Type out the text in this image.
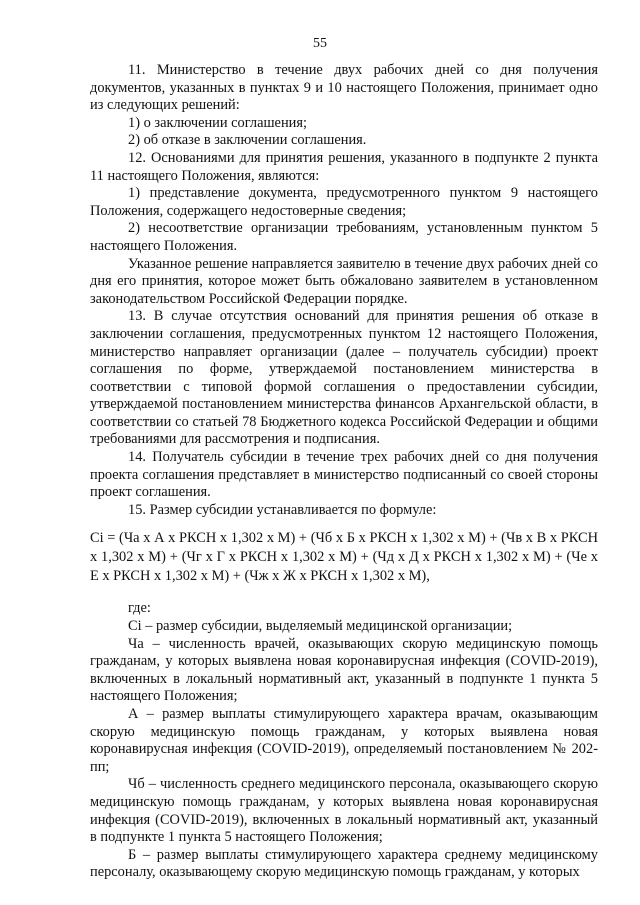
55

11. Министерство в течение двух рабочих дней со дня получения документов, указанных в пунктах 9 и 10 настоящего Положения, принимает одно из следующих решений:

1) о заключении соглашения;

2) об отказе в заключении соглашения.

12. Основаниями для принятия решения, указанного в подпункте 2 пункта 11 настоящего Положения, являются:

1) представление документа, предусмотренного пунктом 9 настоящего Положения, содержащего недостоверные сведения;

2) несоответствие организации требованиям, установленным пунктом 5 настоящего Положения.

Указанное решение направляется заявителю в течение двух рабочих дней со дня его принятия, которое может быть обжаловано заявителем в установленном законодательством Российской Федерации порядке.

13. В случае отсутствия оснований для принятия решения об отказе в заключении соглашения, предусмотренных пунктом 12 настоящего Положения, министерство направляет организации (далее – получатель субсидии) проект соглашения по форме, утверждаемой постановлением министерства в соответствии с типовой формой соглашения о предоставлении субсидии, утверждаемой постановлением министерства финансов Архангельской области, в соответствии со статьей 78 Бюджетного кодекса Российской Федерации и общими требованиями для рассмотрения и подписания.

14. Получатель субсидии в течение трех рабочих дней со дня получения проекта соглашения представляет в министерство подписанный со своей стороны проект соглашения.

15. Размер субсидии устанавливается по формуле:

Ci = (Ча х А х РКСН х 1,302 х М) + (Чб х Б х РКСН х 1,302 х М) + (Чв х В х РКСН х 1,302 х М) + (Чг х Г х РКСН х 1,302 х М) + (Чд х Д х РКСН х 1,302 х М) + (Че х Е х РКСН х 1,302 х М) + (Чж х Ж х РКСН х 1,302 х М),

где:

Ci – размер субсидии, выделяемый медицинской организации;

Ча – численность врачей, оказывающих скорую медицинскую помощь гражданам, у которых выявлена новая коронавирусная инфекция (COVID-2019), включенных в локальный нормативный акт, указанный в подпункте 1 пункта 5 настоящего Положения;

А – размер выплаты стимулирующего характера врачам, оказывающим скорую медицинскую помощь гражданам, у которых выявлена новая коронавирусная инфекция (COVID-2019), определяемый постановлением № 202-пп;

Чб – численность среднего медицинского персонала, оказывающего скорую медицинскую помощь гражданам, у которых выявлена новая коронавирусная инфекция (COVID-2019), включенных в локальный нормативный акт, указанный в подпункте 1 пункта 5 настоящего Положения;

Б – размер выплаты стимулирующего характера среднему медицинскому персоналу, оказывающему скорую медицинскую помощь гражданам, у которых
